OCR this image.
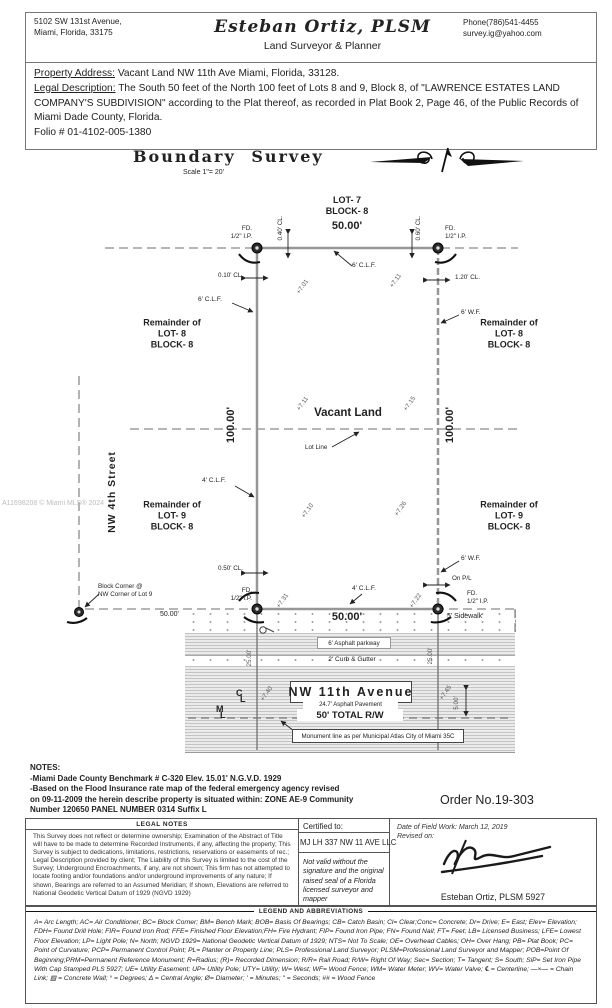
5102 SW 131st Avenue,
Miami, Florida, 33175	Esteban Ortiz, PLSM
Land Surveyor & Planner
Phone(786)541-4455
survey.ig@yahoo.com
Property Address: Vacant Land NW 11th Ave Miami, Florida, 33128.
Legal Description: The South 50 feet of the North 100 feet of Lots 8 and 9, Block 8, of "LAWRENCE ESTATES LAND COMPANY'S SUBDIVISION" according to the Plat thereof, as recorded in Plat Book 2, Page 46, of the Public Records of Miami Dade County, Florida.
Folio # 01-4102-005-1380
Boundary Survey
Scale 1"= 20'
A11698208 © Miami MLS® 2024
LOT- 7
BLOCK- 8
50.00'
FD.
1/2" I.P.
FD.
1/2" I.P.
0.40' CL.	0.60' CL.
6' C.L.F.
0.10' CL.	1.20' CL.
6' C.L.F.
6' W.F.
+7.01	+7.11
Remainder of
LOT- 8
BLOCK- 8
Remainder of
LOT- 8
BLOCK- 8
100.00'	100.00'
Vacant Land
+7.11	+7.15
Lot Line
4' C.L.F.
NW 4th Street	Remainder of
LOT- 9
BLOCK- 8
Remainder of
LOT- 9
BLOCK- 8
+7.10	+7.26
0.50' CL.
6' W.F.
On P/L
Block Corner @
NW Corner of Lot 9
FD.
1/2" I.P.
FD.
1/2" I.P.
4' C.L.F.
+7.31	+7.22
50.00'	50.00'	5' Sidewalk
6' Asphalt parkway
2' Curb & Gutter
C
L
M
L
25.00'	25.00'
+7.40	+7.45
5.00'
NW 11th Avenue
24.7' Asphalt Pavement
50' TOTAL R/W
Monument line as per Municipal Atlas City of Miami 35C
NOTES:
-Miami Dade County Benchmark # C-320 Elev. 15.01' N.G.V.D. 1929
-Based on the Flood Insurance rate map of the federal emergency agency revised
on 09-11-2009 the herein describe property is situated within: ZONE AE-9 Community
Number 120650 PANEL NUMBER 0314 Suffix L
Order No.19-303
LEGAL NOTES
This Survey does not reflect or determine ownership; Examination of the Abstract of Title will have to be made to determine Recorded Instruments, if any, affecting the property; This Survey is subject to dedications, limitations, restrictions, reservations or easements of rec.; Legal Description provided by client; The Liability of this Survey is limited to the cost of the Survey; Underground Encroachments, if any, are not shown; This firm has not attempted to locate footing and/or foundations and/or underground improvements of any nature; If shown, Bearings are referred to an Assumed Meridian; If shown, Elevations are referred to National Geodetic Vertical Datum of 1929 (NGVD 1929)
Certified to:
MJ LH 337 NW 11 AVE LLC
Not valid without the signature and the original raised seal of a Florida licensed surveyor and mapper
Date of Field Work: March 12, 2019
Revised on:
Esteban Ortiz, PLSM 5927
LEGEND AND ABBREVIATIONS
A= Arc Length; AC= Air Conditioner; BC= Block Corner; BM= Bench Mark; BOB= Basis Of Bearings; CB= Catch Basin; Cl= Clear;Conc= Concrete; Dr= Drive; E= East; Elev= Elevation; FDH= Found Drill Hole; FIR= Found Iron Rod; FFE= Finished Floor Elevation;FH= Fire Hydrant; FIP= Found Iron Pipe; FN= Found Nail; FT= Feet; LB= Licensed Business; LFE= Lowest Floor Elevation; LP= Light Pole; N= North; NGVD 1929= National Geodetic Vertical Datum of 1929; NTS= Not To Scale; OE= Overhead Cables; OH= Over Hang; PB= Plat Book; PC= Point of Curvature; PCP= Permanent Control Point; PL= Planter or Property Line; PLS= Professional Land Surveyor; PLSM=Professional Land Surveyor and Mapper; POB=Point Of Beginning;PRM=Permanent Reference Monument; R=Radius; (R)= Recorded Dimension; R/R= Rail Road; R/W= Right Of Way; Sec= Section; T= Tangent; S= South; SiP= Set Iron Pipe With Cap Stamped PLS 5927; UE= Utility Easement; UP= Utility Pole; UTY= Utility; W= West; WF= Wood Fence; WM= Water Meter; WV= Water Valve; ℄ = Centerline; —×— = Chain Link; ▨ = Concrete Wall; ° = Degrees; Δ = Central Angle; Ø= Diameter; ' = Minutes; " = Seconds; ## = Wood Fence
